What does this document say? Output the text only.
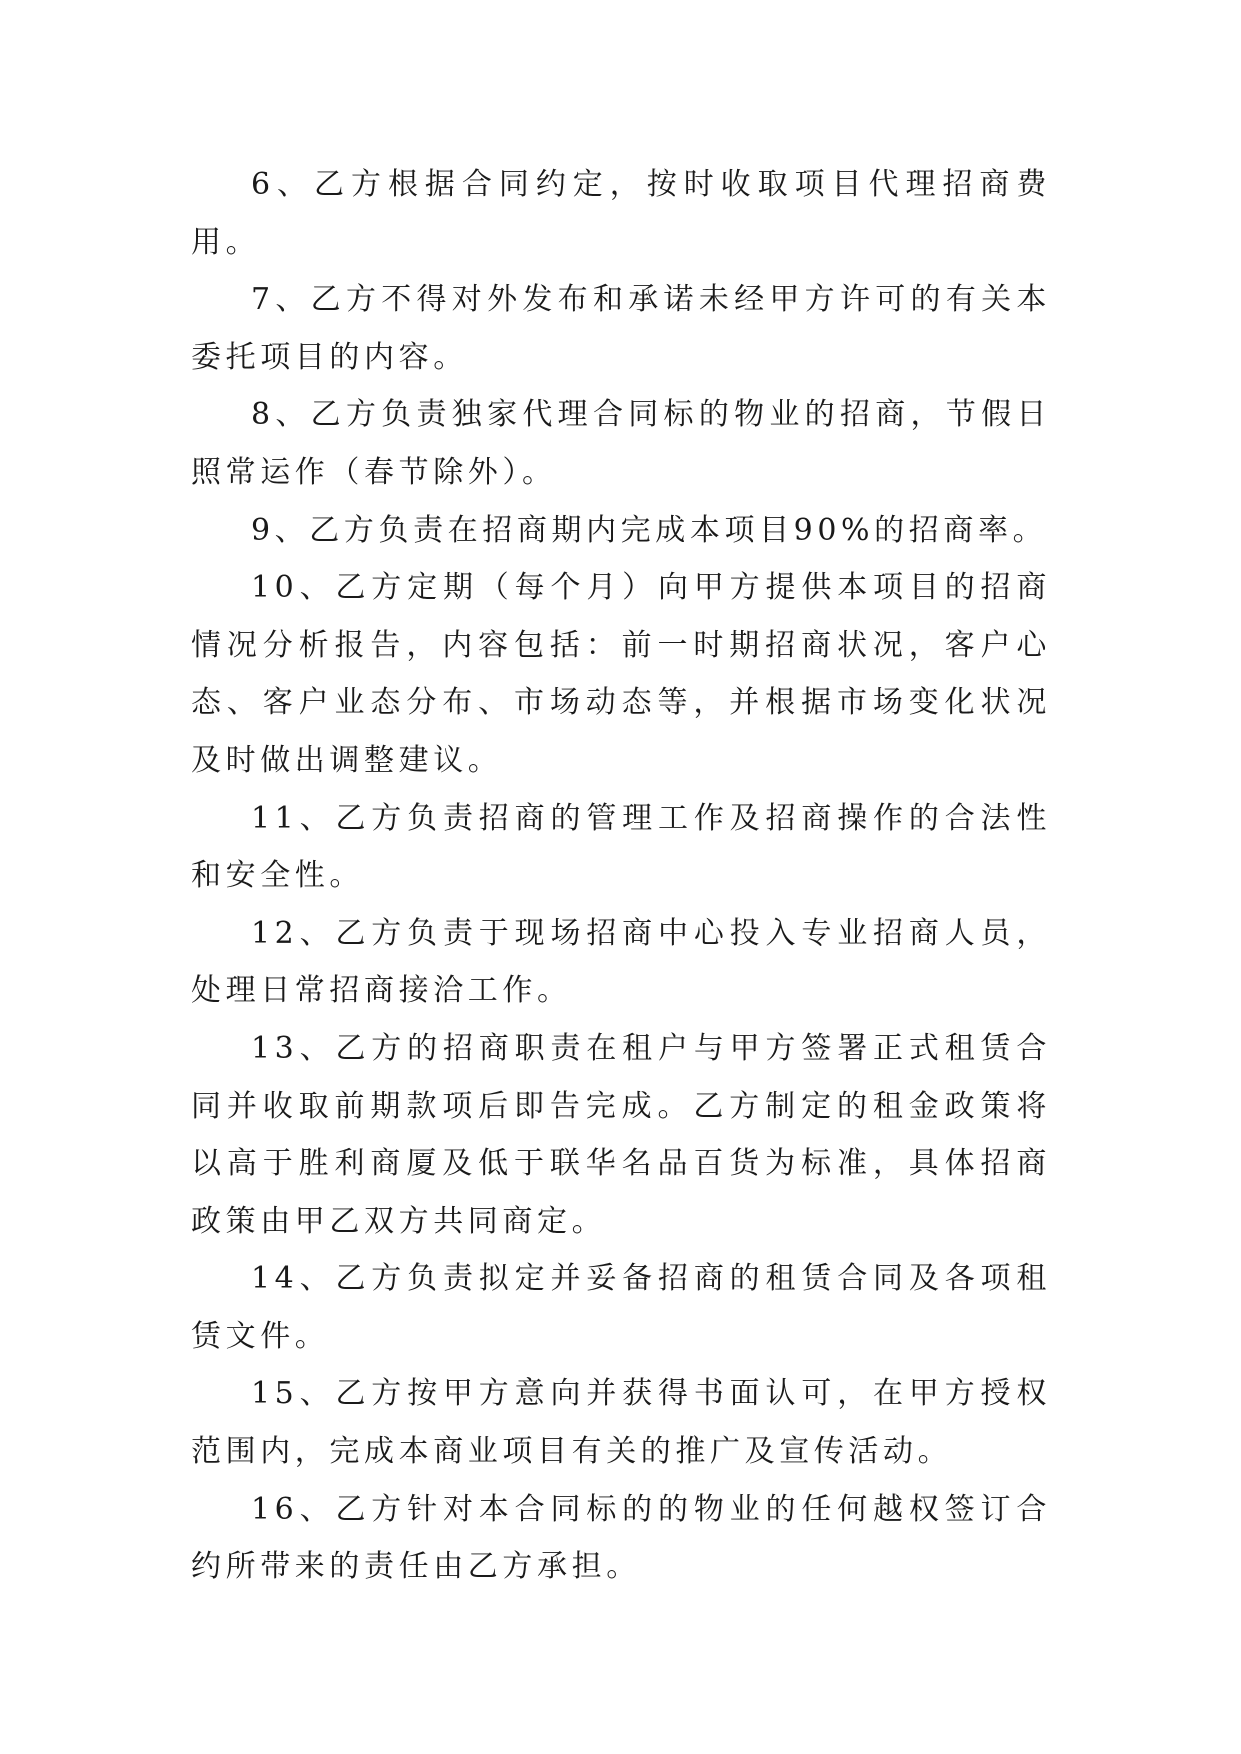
6、乙方根据合同约定，按时收取项目代理招商费用。

7、乙方不得对外发布和承诺未经甲方许可的有关本委托项目的内容。

8、乙方负责独家代理合同标的物业的招商，节假日照常运作（春节除外）。

9、乙方负责在招商期内完成本项目90%的招商率。

10、乙方定期（每个月）向甲方提供本项目的招商情况分析报告，内容包括：前一时期招商状况，客户心态、客户业态分布、市场动态等，并根据市场变化状况及时做出调整建议。

11、乙方负责招商的管理工作及招商操作的合法性和安全性。

12、乙方负责于现场招商中心投入专业招商人员，处理日常招商接洽工作。

13、乙方的招商职责在租户与甲方签署正式租赁合同并收取前期款项后即告完成。乙方制定的租金政策将以高于胜利商厦及低于联华名品百货为标准，具体招商政策由甲乙双方共同商定。

14、乙方负责拟定并妥备招商的租赁合同及各项租赁文件。

15、乙方按甲方意向并获得书面认可，在甲方授权范围内，完成本商业项目有关的推广及宣传活动。

16、乙方针对本合同标的的物业的任何越权签订合约所带来的责任由乙方承担。
